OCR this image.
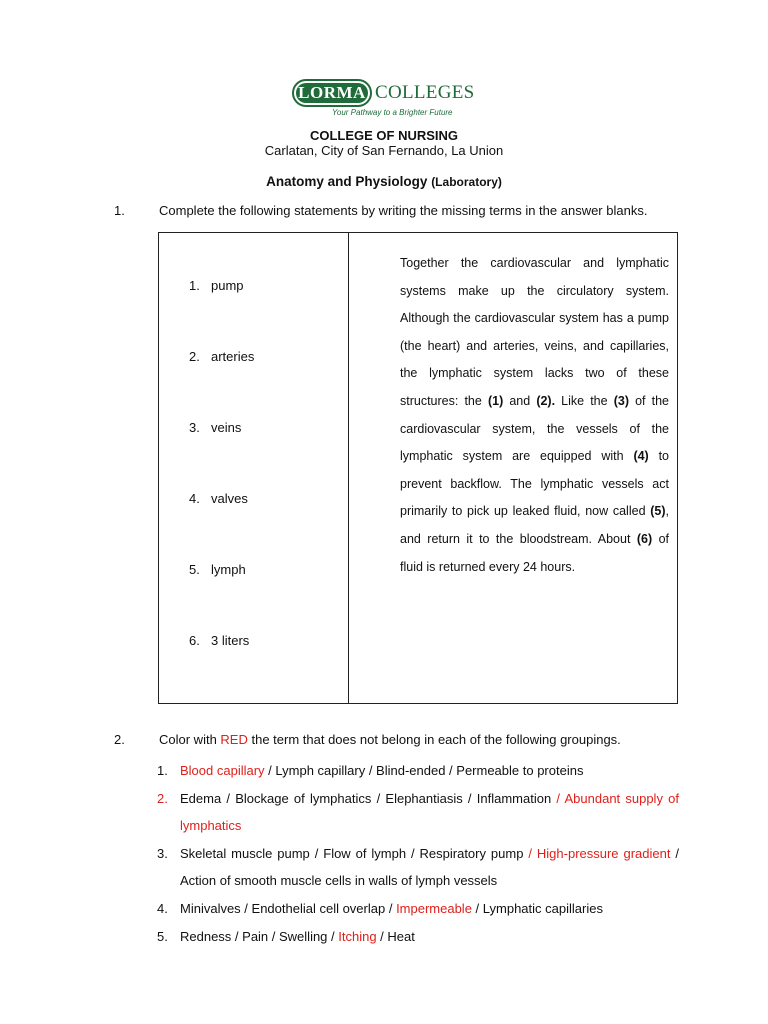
LORMA COLLEGES
Your Pathway to a Brighter Future
COLLEGE OF NURSING
Carlatan, City of San Fernando, La Union
Anatomy and Physiology (Laboratory)
1.	Complete the following statements by writing the missing terms in the answer blanks.
1. pump
2. arteries
3. veins
4. valves
5. lymph
6. 3 liters
Together the cardiovascular and lymphatic systems make up the circulatory system. Although the cardiovascular system has a pump (the heart) and arteries, veins, and capillaries, the lymphatic system lacks two of these structures: the (1) and (2). Like the (3) of the cardiovascular system, the vessels of the lymphatic system are equipped with (4) to prevent backflow. The lymphatic vessels act primarily to pick up leaked fluid, now called (5), and return it to the bloodstream. About (6) of fluid is returned every 24 hours.
2.	Color with RED the term that does not belong in each of the following groupings.
1. Blood capillary / Lymph capillary / Blind-ended / Permeable to proteins
2. Edema / Blockage of lymphatics / Elephantiasis / Inflammation / Abundant supply of lymphatics
3. Skeletal muscle pump / Flow of lymph / Respiratory pump / High-pressure gradient / Action of smooth muscle cells in walls of lymph vessels
4. Minivalves / Endothelial cell overlap / Impermeable / Lymphatic capillaries
5. Redness / Pain / Swelling / Itching / Heat
